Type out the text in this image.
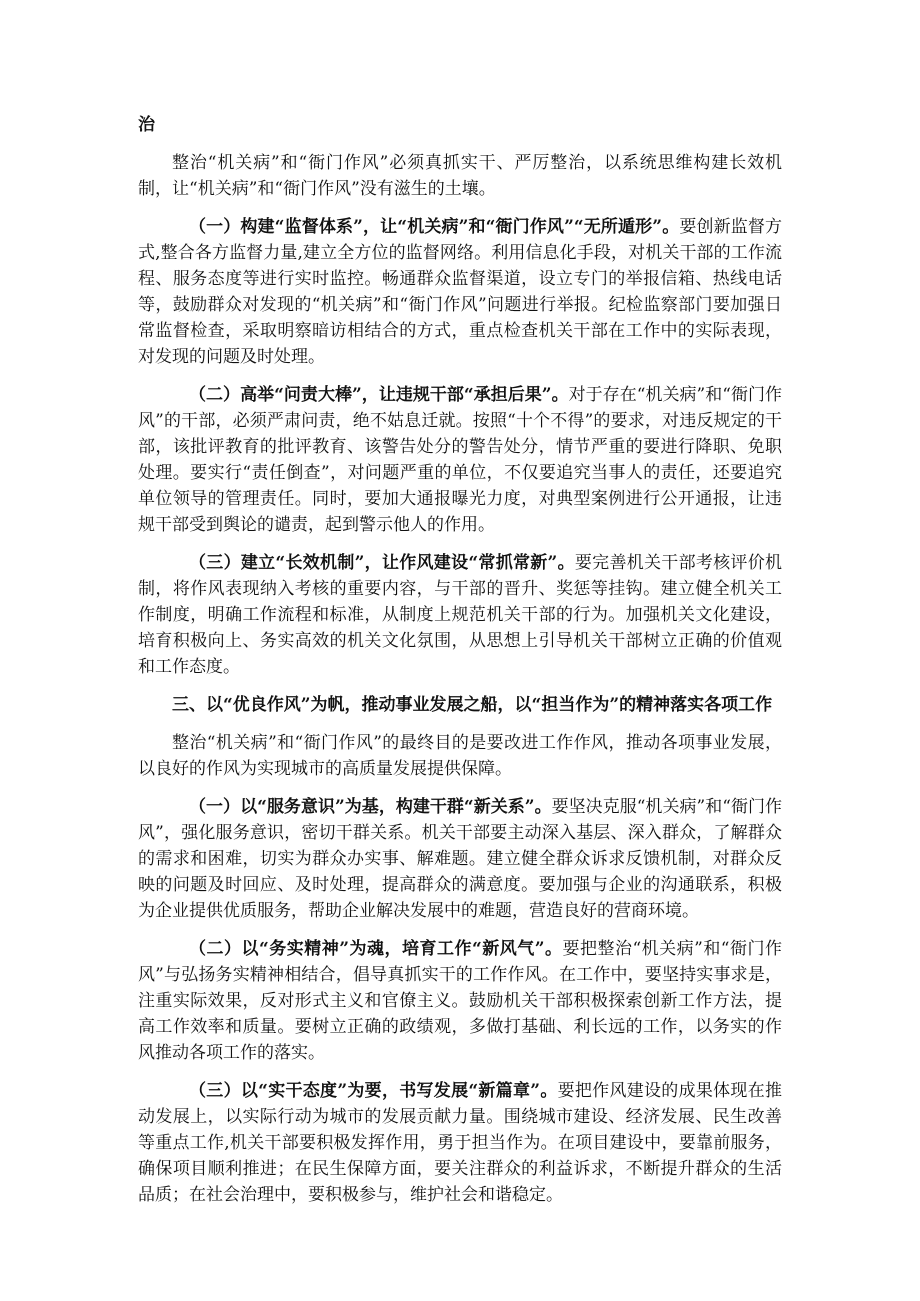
治

整治“机关病”和“衙门作风”必须真抓实干、严厉整治，以系统思维构建长效机制，让“机关病”和“衙门作风”没有滋生的土壤。

（一）构建“监督体系”，让“机关病”和“衙门作风”“无所遁形”。要创新监督方式,整合各方监督力量,建立全方位的监督网络。利用信息化手段，对机关干部的工作流程、服务态度等进行实时监控。畅通群众监督渠道，设立专门的举报信箱、热线电话等，鼓励群众对发现的“机关病”和“衙门作风”问题进行举报。纪检监察部门要加强日常监督检查，采取明察暗访相结合的方式，重点检查机关干部在工作中的实际表现，对发现的问题及时处理。

（二）高举“问责大棒”，让违规干部“承担后果”。对于存在“机关病”和“衙门作风”的干部，必须严肃问责，绝不姑息迁就。按照“十个不得”的要求，对违反规定的干部，该批评教育的批评教育、该警告处分的警告处分，情节严重的要进行降职、免职处理。要实行“责任倒查”，对问题严重的单位，不仅要追究当事人的责任，还要追究单位领导的管理责任。同时，要加大通报曝光力度，对典型案例进行公开通报，让违规干部受到舆论的谴责，起到警示他人的作用。

（三）建立“长效机制”，让作风建设“常抓常新”。要完善机关干部考核评价机制，将作风表现纳入考核的重要内容，与干部的晋升、奖惩等挂钩。建立健全机关工作制度，明确工作流程和标准，从制度上规范机关干部的行为。加强机关文化建设，培育积极向上、务实高效的机关文化氛围，从思想上引导机关干部树立正确的价值观和工作态度。

三、以“优良作风”为帆，推动事业发展之船，以“担当作为”的精神落实各项工作

整治“机关病”和“衙门作风”的最终目的是要改进工作作风，推动各项事业发展，以良好的作风为实现城市的高质量发展提供保障。

（一）以“服务意识”为基，构建干群“新关系”。要坚决克服“机关病”和“衙门作风”，强化服务意识，密切干群关系。机关干部要主动深入基层、深入群众，了解群众的需求和困难，切实为群众办实事、解难题。建立健全群众诉求反馈机制，对群众反映的问题及时回应、及时处理，提高群众的满意度。要加强与企业的沟通联系，积极为企业提供优质服务，帮助企业解决发展中的难题，营造良好的营商环境。

（二）以“务实精神”为魂，培育工作“新风气”。要把整治“机关病”和“衙门作风”与弘扬务实精神相结合，倡导真抓实干的工作作风。在工作中，要坚持实事求是，注重实际效果，反对形式主义和官僚主义。鼓励机关干部积极探索创新工作方法，提高工作效率和质量。要树立正确的政绩观，多做打基础、利长远的工作，以务实的作风推动各项工作的落实。

（三）以“实干态度”为要，书写发展“新篇章”。要把作风建设的成果体现在推动发展上，以实际行动为城市的发展贡献力量。围绕城市建设、经济发展、民生改善等重点工作,机关干部要积极发挥作用，勇于担当作为。在项目建设中，要靠前服务，确保项目顺利推进；在民生保障方面，要关注群众的利益诉求，不断提升群众的生活品质；在社会治理中，要积极参与，维护社会和谐稳定。
